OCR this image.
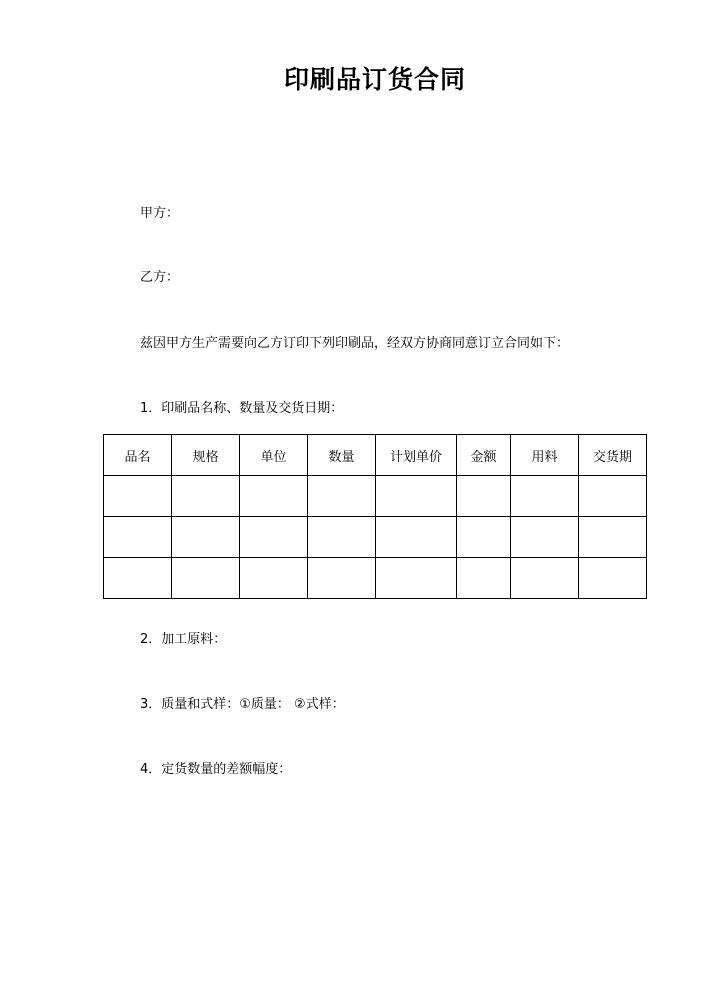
印刷品订货合同
甲方：
乙方：
兹因甲方生产需要向乙方订印下列印刷品，经双方协商同意订立合同如下：
1．印刷品名称、数量及交货日期：
品名	规格	单位	数量	计划单价	金额	用料	交货期

2．加工原料：
3．质量和式样：①质量： ②式样：
4．定货数量的差额幅度：
